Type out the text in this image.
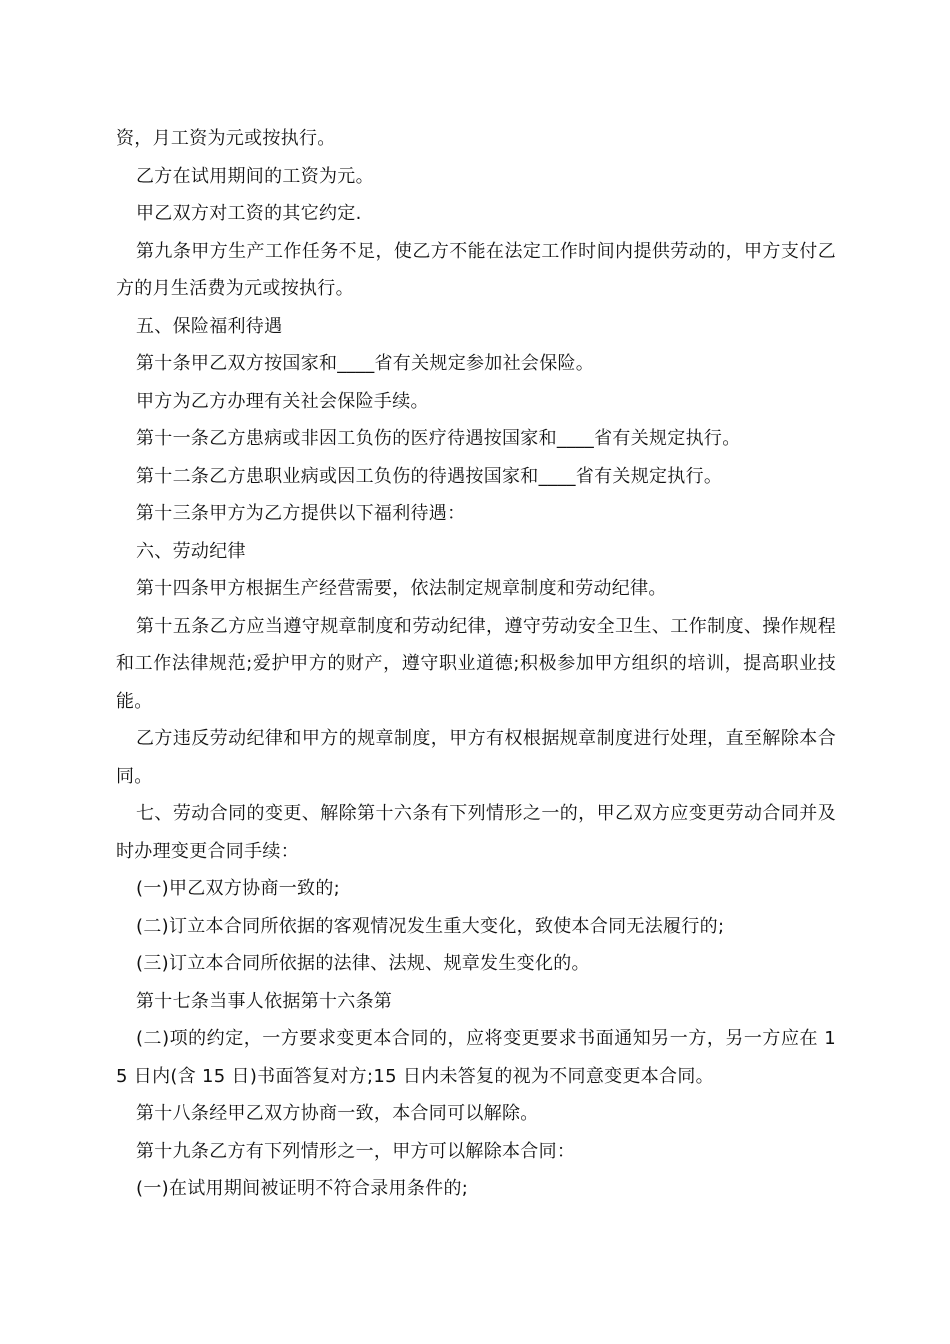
资，月工资为元或按执行。

乙方在试用期间的工资为元。

甲乙双方对工资的其它约定.

第九条甲方生产工作任务不足，使乙方不能在法定工作时间内提供劳动的，甲方支付乙方的月生活费为元或按执行。

五、保险福利待遇

第十条甲乙双方按国家和____省有关规定参加社会保险。

甲方为乙方办理有关社会保险手续。

第十一条乙方患病或非因工负伤的医疗待遇按国家和____省有关规定执行。

第十二条乙方患职业病或因工负伤的待遇按国家和____省有关规定执行。

第十三条甲方为乙方提供以下福利待遇：

六、劳动纪律

第十四条甲方根据生产经营需要，依法制定规章制度和劳动纪律。

第十五条乙方应当遵守规章制度和劳动纪律，遵守劳动安全卫生、工作制度、操作规程和工作法律规范;爱护甲方的财产，遵守职业道德;积极参加甲方组织的培训，提高职业技能。

乙方违反劳动纪律和甲方的规章制度，甲方有权根据规章制度进行处理，直至解除本合同。

七、劳动合同的变更、解除第十六条有下列情形之一的，甲乙双方应变更劳动合同并及时办理变更合同手续：

(一)甲乙双方协商一致的;

(二)订立本合同所依据的客观情况发生重大变化，致使本合同无法履行的;

(三)订立本合同所依据的法律、法规、规章发生变化的。

第十七条当事人依据第十六条第

(二)项的约定，一方要求变更本合同的，应将变更要求书面通知另一方，另一方应在 15 日内(含 15 日)书面答复对方;15 日内未答复的视为不同意变更本合同。

第十八条经甲乙双方协商一致，本合同可以解除。

第十九条乙方有下列情形之一，甲方可以解除本合同：

(一)在试用期间被证明不符合录用条件的;
